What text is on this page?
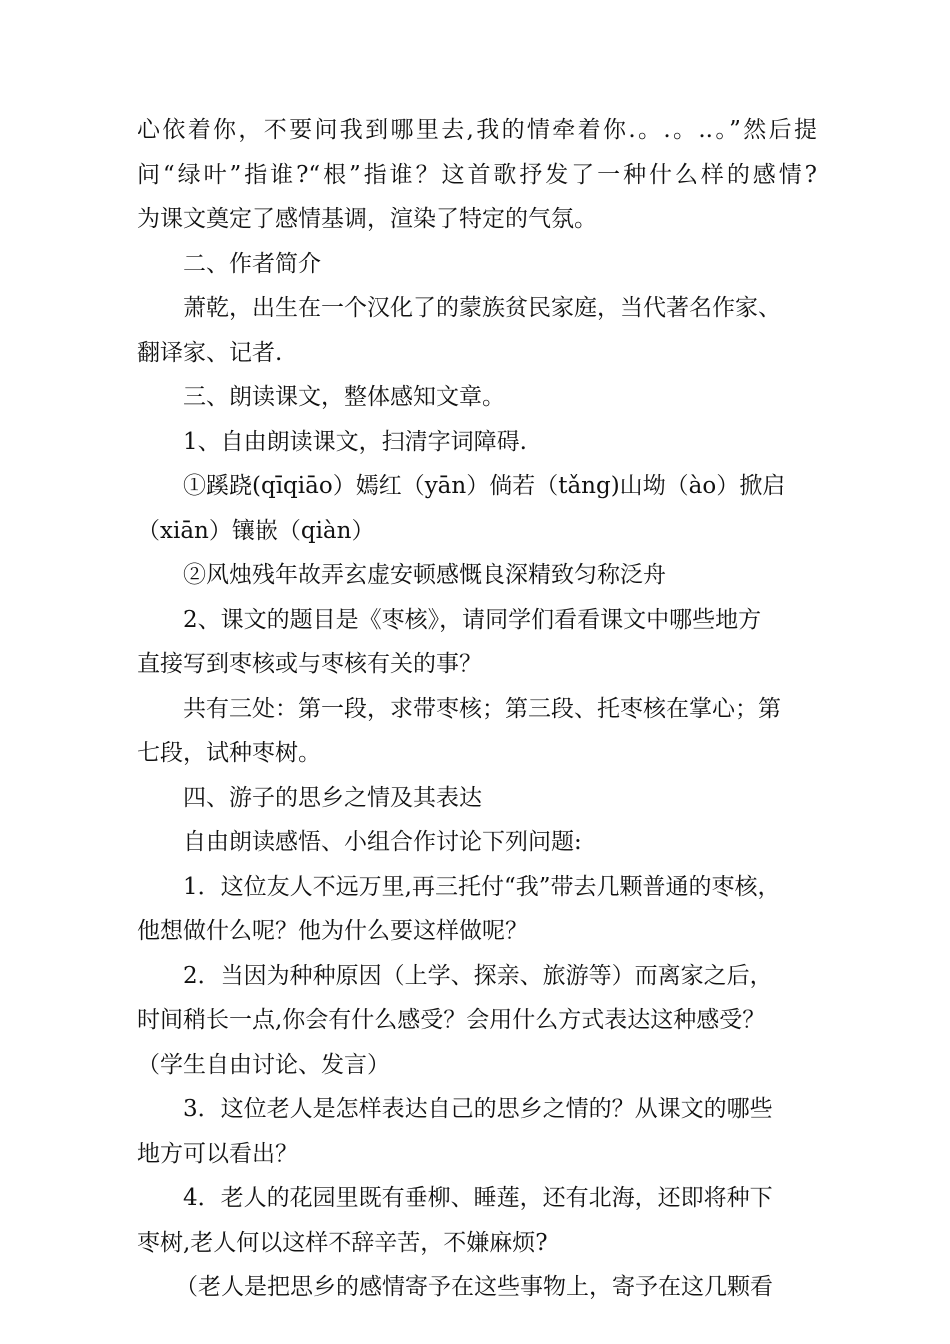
心依着你，不要问我到哪里去,我的情牵着你.。.。..。”然后提
问“绿叶”指谁?“根”指谁？这首歌抒发了一种什么样的感情?
为课文奠定了感情基调，渲染了特定的气氛。
二、作者简介
萧乾，出生在一个汉化了的蒙族贫民家庭，当代著名作家、
翻译家、记者.
三、朗读课文，整体感知文章。
1、自由朗读课文，扫清字词障碍.
①蹊跷(qīqiāo）嫣红（yān）倘若（tǎng)山坳（ào）掀启
（xiān）镶嵌（qiàn）
②风烛残年故弄玄虚安顿感慨良深精致匀称泛舟
2、课文的题目是《枣核》，请同学们看看课文中哪些地方
直接写到枣核或与枣核有关的事？
共有三处：第一段，求带枣核；第三段、托枣核在掌心；第
七段，试种枣树。
四、游子的思乡之情及其表达
自由朗读感悟、小组合作讨论下列问题:
1．这位友人不远万里,再三托付“我”带去几颗普通的枣核，
他想做什么呢？他为什么要这样做呢？
2．当因为种种原因（上学、探亲、旅游等）而离家之后，
时间稍长一点,你会有什么感受？会用什么方式表达这种感受？
（学生自由讨论、发言）
3．这位老人是怎样表达自己的思乡之情的？从课文的哪些
地方可以看出？
4．老人的花园里既有垂柳、睡莲，还有北海，还即将种下
枣树,老人何以这样不辞辛苦，不嫌麻烦?
（老人是把思乡的感情寄予在这些事物上，寄予在这几颗看
